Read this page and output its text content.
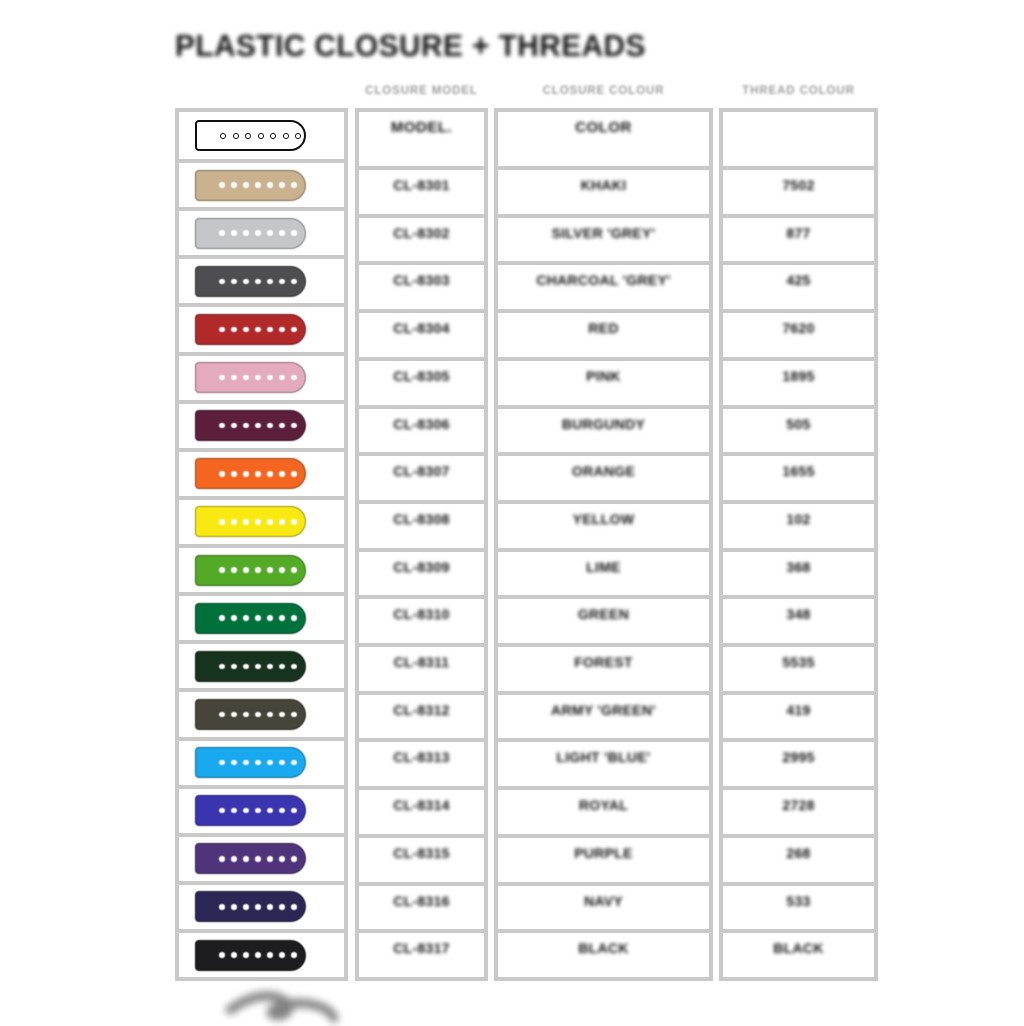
PLASTIC CLOSURE + THREADS
CLOSURE MODEL	CLOSURE COLOUR	THREAD COLOUR
MODEL.
CL-8301
CL-8302
CL-8303
CL-8304
CL-8305
CL-8306
CL-8307
CL-8308
CL-8309
CL-8310
CL-8311
CL-8312
CL-8313
CL-8314
CL-8315
CL-8316
CL-8317
COLOR
KHAKI
SILVER 'GREY'
CHARCOAL 'GREY'
RED
PINK
BURGUNDY
ORANGE
YELLOW
LIME
GREEN
FOREST
ARMY 'GREEN'
LIGHT 'BLUE'
ROYAL
PURPLE
NAVY
BLACK
7502
877
425
7620
1895
505
1655
102
368
348
5535
419
2995
2728
268
533
BLACK
